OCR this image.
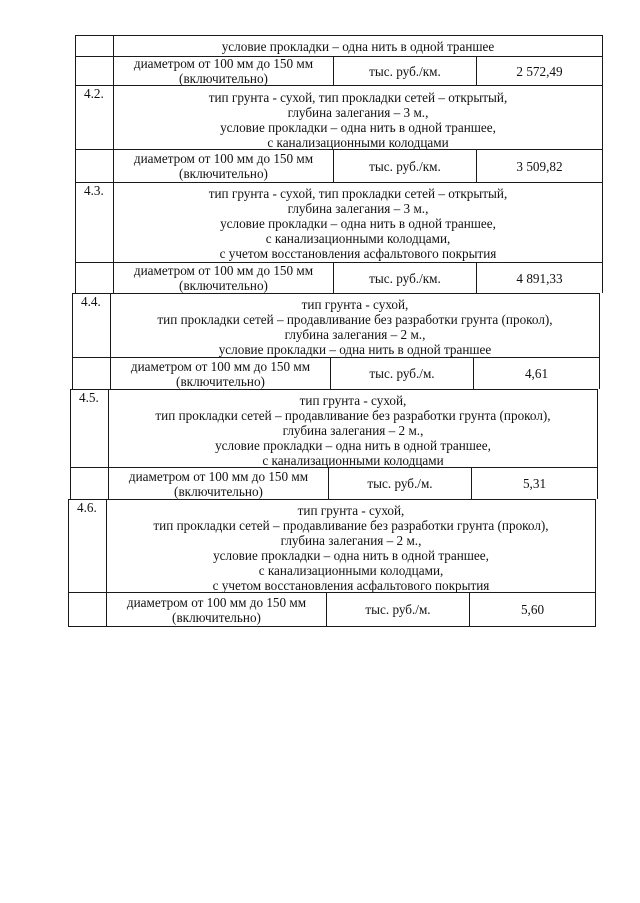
условие прокладки – одна нить в одной траншее
диаметром от 100 мм до 150 мм
(включительно)	тыс. руб./км.	2 572,49
4.2.	тип грунта - сухой, тип прокладки сетей – открытый,
глубина залегания – 3 м.,
условие прокладки – одна нить в одной траншее,
с канализационными колодцами
диаметром от 100 мм до 150 мм
(включительно)	тыс. руб./км.	3 509,82
4.3.	тип грунта - сухой, тип прокладки сетей – открытый,
глубина залегания – 3 м.,
условие прокладки – одна нить в одной траншее,
с канализационными колодцами,
с учетом восстановления асфальтового покрытия
диаметром от 100 мм до 150 мм
(включительно)	тыс. руб./км.	4 891,33
4.4.	тип грунта - сухой,
тип прокладки сетей – продавливание без разработки грунта (прокол),
глубина залегания – 2 м.,
условие прокладки – одна нить в одной траншее
диаметром от 100 мм до 150 мм
(включительно)	тыс. руб./м.	4,61
4.5.	тип грунта - сухой,
тип прокладки сетей – продавливание без разработки грунта (прокол),
глубина залегания – 2 м.,
условие прокладки – одна нить в одной траншее,
с канализационными колодцами
диаметром от 100 мм до 150 мм
(включительно)	тыс. руб./м.	5,31
4.6.	тип грунта - сухой,
тип прокладки сетей – продавливание без разработки грунта (прокол),
глубина залегания – 2 м.,
условие прокладки – одна нить в одной траншее,
с канализационными колодцами,
с учетом восстановления асфальтового покрытия
диаметром от 100 мм до 150 мм
(включительно)	тыс. руб./м.	5,60
